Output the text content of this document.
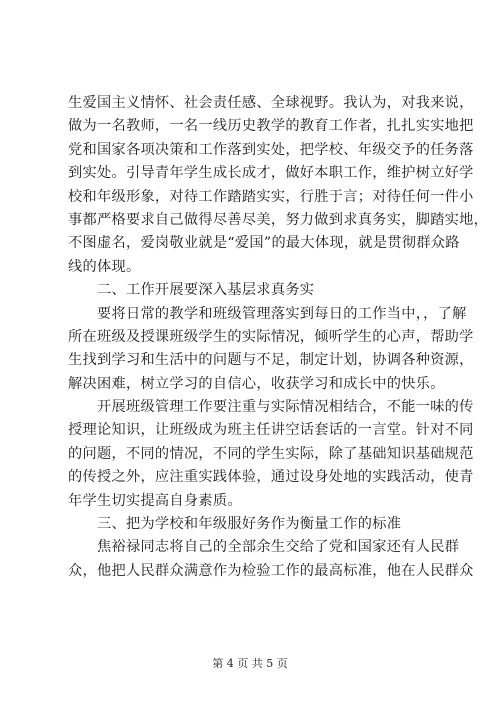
生爱国主义情怀、社会责任感、全球视野。我认为，对我来说，
做为一名教师，一名一线历史教学的教育工作者，扎扎实实地把
党和国家各项决策和工作落到实处，把学校、年级交予的任务落
到实处。引导青年学生成长成才，做好本职工作，维护树立好学
校和年级形象，对待工作踏踏实实，行胜于言；对待任何一件小
事都严格要求自己做得尽善尽美，努力做到求真务实，脚踏实地，
不图虚名，爱岗敬业就是“爱国”的最大体现，就是贯彻群众路
线的体现。
　　二、工作开展要深入基层求真务实
　　要将日常的教学和班级管理落实到每日的工作当中，，了解
所在班级及授课班级学生的实际情况，倾听学生的心声，帮助学
生找到学习和生活中的问题与不足，制定计划，协调各种资源，
解决困难，树立学习的自信心，收获学习和成长中的快乐。
　　开展班级管理工作要注重与实际情况相结合，不能一味的传
授理论知识，让班级成为班主任讲空话套话的一言堂。针对不同
的问题，不同的情况，不同的学生实际，除了基础知识基础规范
的传授之外，应注重实践体验，通过设身处地的实践活动，使青
年学生切实提高自身素质。
　　三、把为学校和年级服好务作为衡量工作的标准
　　焦裕禄同志将自己的全部余生交给了党和国家还有人民群
众，他把人民群众满意作为检验工作的最高标准，他在人民群众
第 4 页 共 5 页
